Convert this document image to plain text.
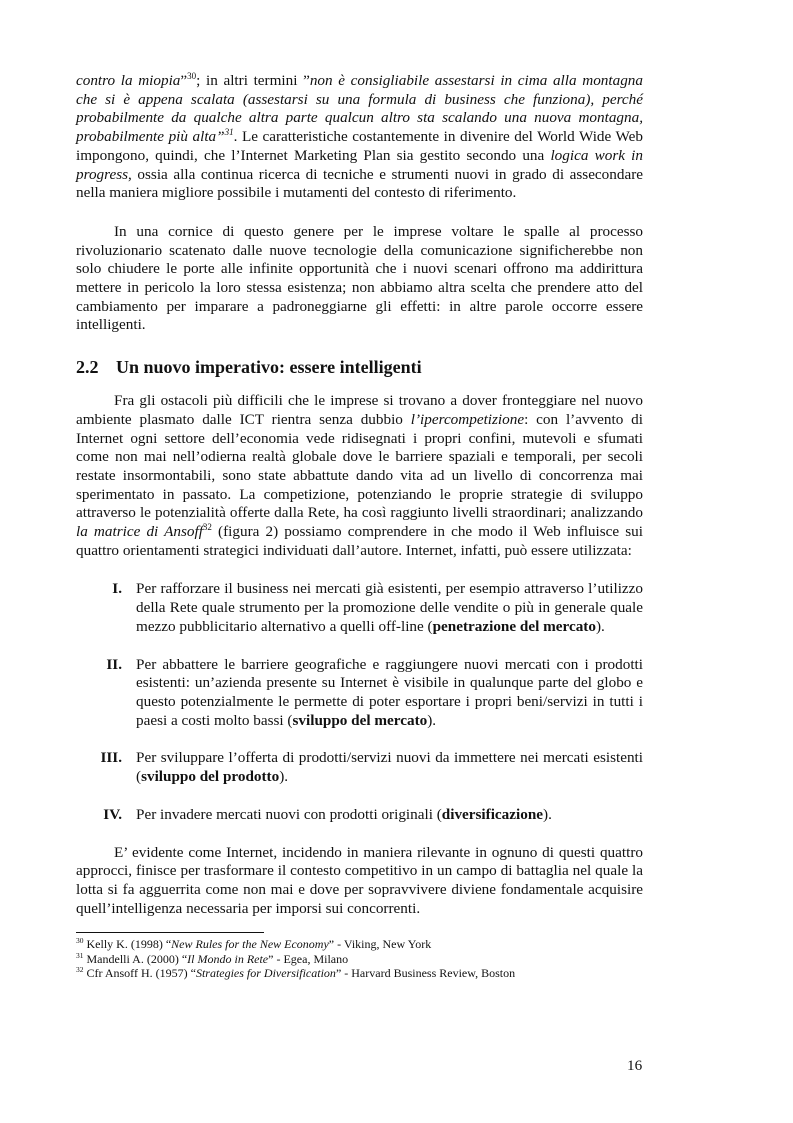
contro la miopia”$^{30}$; in altri termini ”non è consigliabile assestarsi in cima alla montagna che si è appena scalata (assestarsi su una formula di business che funziona), perché probabilmente da qualche altra parte qualcun altro sta scalando una nuova montagna, probabilmente più alta”$^{31}$. Le caratteristiche costantemente in divenire del World Wide Web impongono, quindi, che l’Internet Marketing Plan sia gestito secondo una logica work in progress, ossia alla continua ricerca di tecniche e strumenti nuovi in grado di assecondare nella maniera migliore possibile i mutamenti del contesto di riferimento.

In una cornice di questo genere per le imprese voltare le spalle al processo rivoluzionario scatenato dalle nuove tecnologie della comunicazione significherebbe non solo chiudere le porte alle infinite opportunità che i nuovi scenari offrono ma addirittura mettere in pericolo la loro stessa esistenza; non abbiamo altra scelta che prendere atto del cambiamento per imparare a padroneggiarne gli effetti: in altre parole occorre essere intelligenti.

2.2 Un nuovo imperativo: essere intelligenti

Fra gli ostacoli più difficili che le imprese si trovano a dover fronteggiare nel nuovo ambiente plasmato dalle ICT rientra senza dubbio l’ipercompetizione: con l’avvento di Internet ogni settore dell’economia vede ridisegnati i propri confini, mutevoli e sfumati come non mai nell’odierna realtà globale dove le barriere spaziali e temporali, per secoli restate insormontabili, sono state abbattute dando vita ad un livello di concorrenza mai sperimentato in passato. La competizione, potenziando le proprie strategie di sviluppo attraverso le potenzialità offerte dalla Rete, ha così raggiunto livelli straordinari; analizzando la matrice di Ansoff$^{32}$ (figura 2) possiamo comprendere in che modo il Web influisce sui quattro orientamenti strategici individuati dall’autore. Internet, infatti, può essere utilizzata:

I. Per rafforzare il business nei mercati già esistenti, per esempio attraverso l’utilizzo della Rete quale strumento per la promozione delle vendite o più in generale quale mezzo pubblicitario alternativo a quelli off-line (penetrazione del mercato).

II. Per abbattere le barriere geografiche e raggiungere nuovi mercati con i prodotti esistenti: un’azienda presente su Internet è visibile in qualunque parte del globo e questo potenzialmente le permette di poter esportare i propri beni/servizi in tutti i paesi a costi molto bassi (sviluppo del mercato).

III. Per sviluppare l’offerta di prodotti/servizi nuovi da immettere nei mercati esistenti (sviluppo del prodotto).

IV. Per invadere mercati nuovi con prodotti originali (diversificazione).

E’ evidente come Internet, incidendo in maniera rilevante in ognuno di questi quattro approcci, finisce per trasformare il contesto competitivo in un campo di battaglia nel quale la lotta si fa agguerrita come non mai e dove per sopravvivere diviene fondamentale acquisire quell’intelligenza necessaria per imporsi sui concorrenti.

$^{30}$ Kelly K. (1998) “New Rules for the New Economy” - Viking, New York
$^{31}$ Mandelli A. (2000) “Il Mondo in Rete” - Egea, Milano
$^{32}$ Cfr Ansoff H. (1957) “Strategies for Diversification” - Harvard Business Review, Boston
16
